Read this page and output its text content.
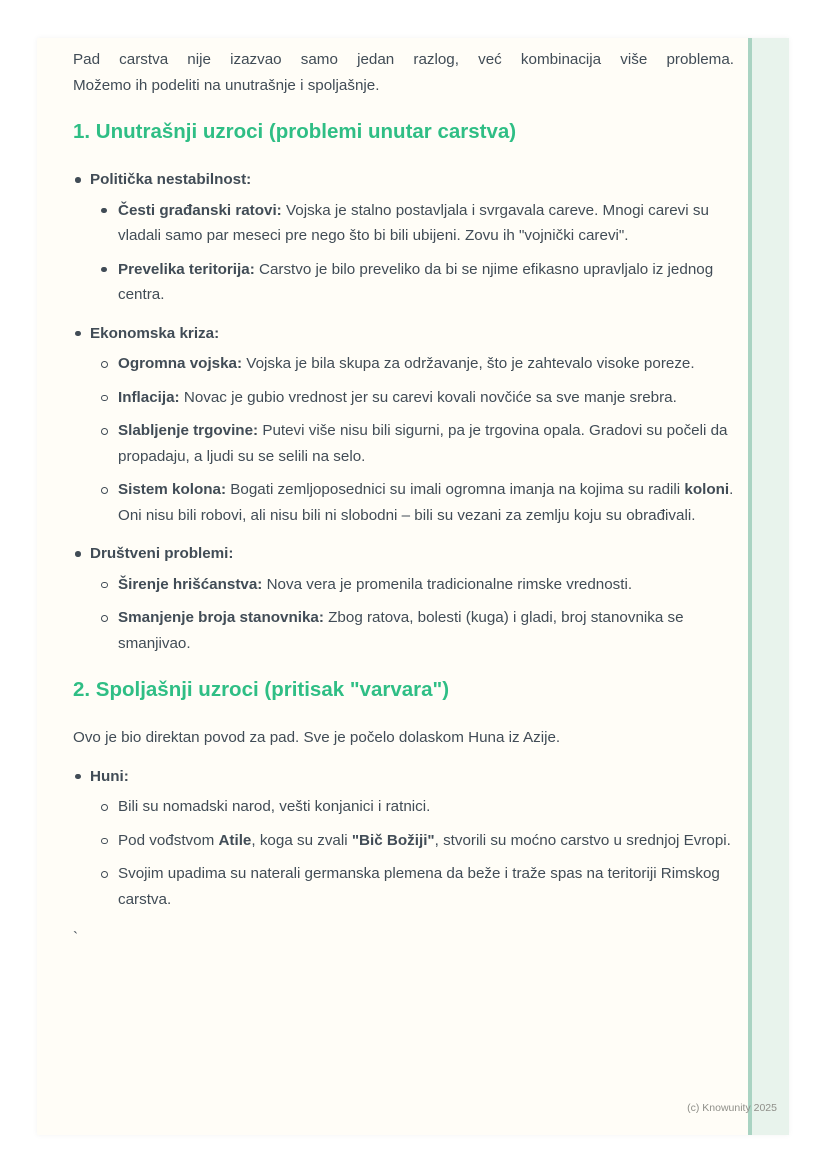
Pad carstva nije izazvao samo jedan razlog, već kombinacija više problema.
Možemo ih podeliti na unutrašnje i spoljašnje.
1. Unutrašnji uzroci (problemi unutar carstva)
Politička nestabilnost:
Česti građanski ratovi: Vojska je stalno postavljala i svrgavala careve. Mnogi carevi su vladali samo par meseci pre nego što bi bili ubijeni. Zovu ih "vojnički carevi".
Prevelika teritorija: Carstvo je bilo preveliko da bi se njime efikasno upravljalo iz jednog centra.
Ekonomska kriza:
Ogromna vojska: Vojska je bila skupa za održavanje, što je zahtevalo visoke poreze.
Inflacija: Novac je gubio vrednost jer su carevi kovali novčiće sa sve manje srebra.
Slabljenje trgovine: Putevi više nisu bili sigurni, pa je trgovina opala. Gradovi su počeli da propadaju, a ljudi su se selili na selo.
Sistem kolona: Bogati zemljoposednici su imali ogromna imanja na kojima su radili koloni. Oni nisu bili robovi, ali nisu bili ni slobodni – bili su vezani za zemlju koju su obrađivali.
Društveni problemi:
Širenje hrišćanstva: Nova vera je promenila tradicionalne rimske vrednosti.
Smanjenje broja stanovnika: Zbog ratova, bolesti (kuga) i gladi, broj stanovnika se smanjivao.
2. Spoljašnji uzroci (pritisak "varvara")

Ovo je bio direktan povod za pad. Sve je počelo dolaskom Huna iz Azije.

Huni:
Bili su nomadski narod, vešti konjanici i ratnici.
Pod vođstvom Atile, koga su zvali "Bič Božiji", stvorili su moćno carstvo u srednjoj Evropi.
Svojim upadima su naterali germanska plemena da beže i traže spas na teritoriji Rimskog carstva.
`
(c) Knowunity 2025
